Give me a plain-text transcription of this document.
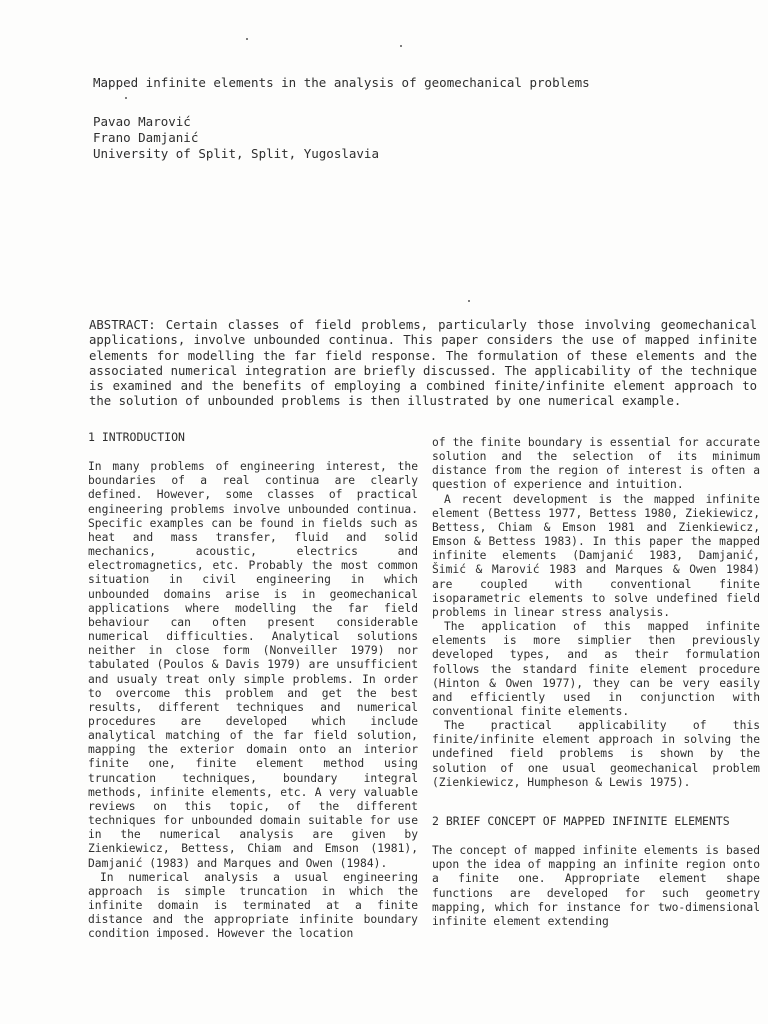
Mapped infinite elements in the analysis of geomechanical problems
Pavao Marović
Frano Damjanić
University of Split, Split, Yugoslavia

ABSTRACT: Certain classes of field problems, particularly those involving geomechanical applications, involve unbounded continua. This paper considers the use of mapped infinite elements for modelling the far field response. The formulation of these elements and the associated numerical integration are briefly discussed. The applicability of the technique is examined and the benefits of employing a combined finite/infinite element approach to the solution of unbounded problems is then illustrated by one numerical example.

1 INTRODUCTION

In many problems of engineering interest, the boundaries of a real continua are clearly defined. However, some classes of practical engineering problems involve unbounded continua. Specific examples can be found in fields such as heat and mass transfer, fluid and solid mechanics, acoustic, electrics and electromagnetics, etc. Probably the most common situation in civil engineering in which unbounded domains arise is in geomechanical applications where modelling the far field behaviour can often present considerable numerical difficulties. Analytical solutions neither in close form (Nonveiller 1979) nor tabulated (Poulos & Davis 1979) are unsufficient and usualy treat only simple problems. In order to overcome this problem and get the best results, different techniques and numerical procedures are developed which include analytical matching of the far field solution, mapping the exterior domain onto an interior finite one, finite element method using truncation techniques, boundary integral methods, infinite elements, etc. A very valuable reviews on this topic, of the different techniques for unbounded domain suitable for use in the numerical analysis are given by Zienkiewicz, Bettess, Chiam and Emson (1981), Damjanić (1983) and Marques and Owen (1984).

In numerical analysis a usual engineering approach is simple truncation in which the infinite domain is terminated at a finite distance and the appropriate infinite boundary condition imposed. However the location

of the finite boundary is essential for accurate solution and the selection of its minimum distance from the region of interest is often a question of experience and intuition.

A recent development is the mapped infinite element (Bettess 1977, Bettess 1980, Ziekiewicz, Bettess, Chiam & Emson 1981 and Zienkiewicz, Emson & Bettess 1983). In this paper the mapped infinite elements (Damjanić 1983, Damjanić, Šimić & Marović 1983 and Marques & Owen 1984) are coupled with conventional finite isoparametric elements to solve undefined field problems in linear stress analysis.

The application of this mapped infinite elements is more simplier then previously developed types, and as their formulation follows the standard finite element procedure (Hinton & Owen 1977), they can be very easily and efficiently used in conjunction with conventional finite elements.

The practical applicability of this finite/infinite element approach in solving the undefined field problems is shown by the solution of one usual geomechanical problem (Zienkiewicz, Humpheson & Lewis 1975).

2 BRIEF CONCEPT OF MAPPED INFINITE ELEMENTS

The concept of mapped infinite elements is based upon the idea of mapping an infinite region onto a finite one. Appropriate element shape functions are developed for such geometry mapping, which for instance for two-dimensional infinite element extending
